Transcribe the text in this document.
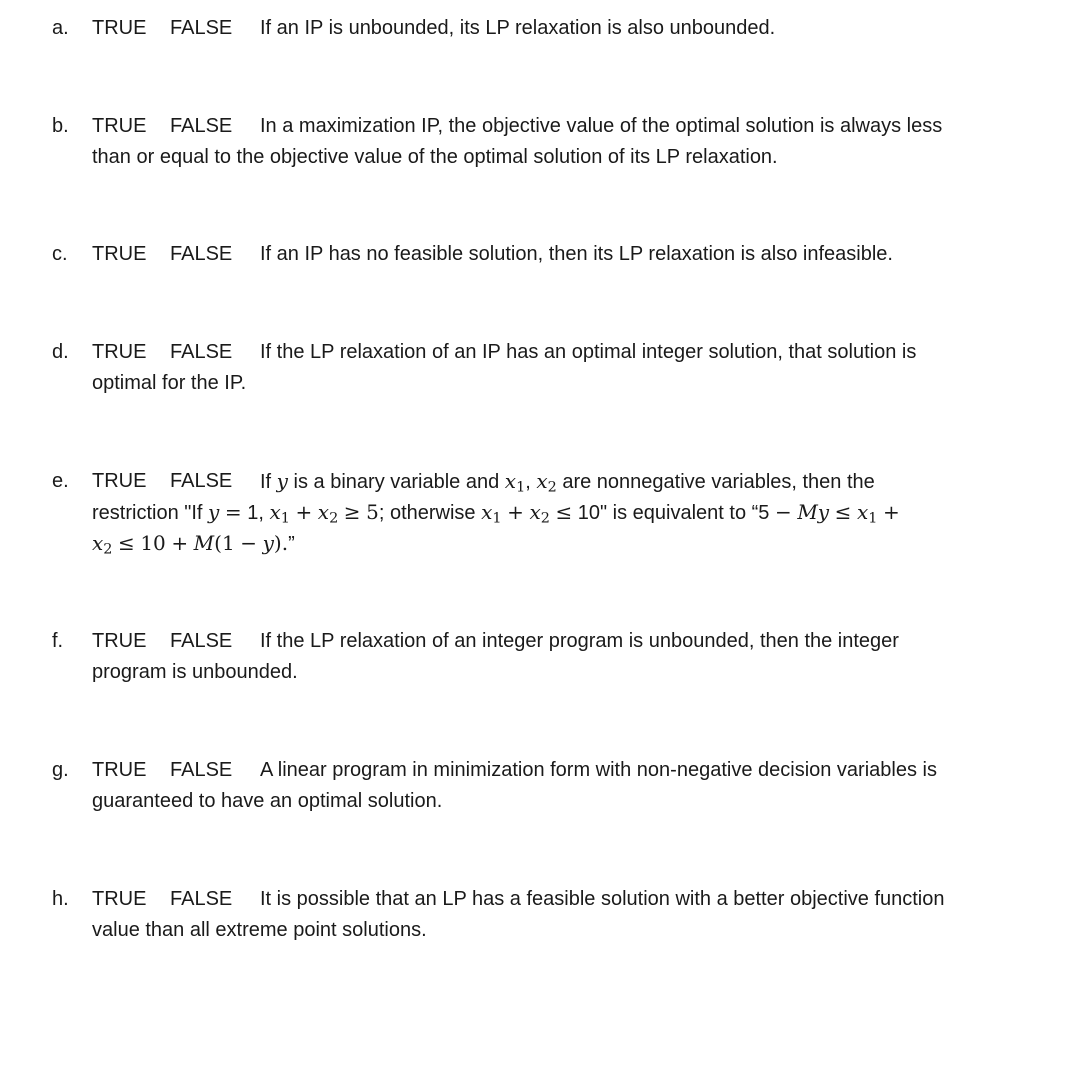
a. TRUE FALSE If an IP is unbounded, its LP relaxation is also unbounded.
b. TRUE FALSE In a maximization IP, the objective value of the optimal solution is always less
than or equal to the objective value of the optimal solution of its LP relaxation.
c. TRUE FALSE If an IP has no feasible solution, then its LP relaxation is also infeasible.
d. TRUE FALSE If the LP relaxation of an IP has an optimal integer solution, that solution is
optimal for the IP.
e. TRUE FALSE If y is a binary variable and $x_1$, $x_2$ are nonnegative variables, then the
restriction "If y = 1, $x_1 + x_2 \ge 5$; otherwise $x_1 + x_2 \le 10$" is equivalent to “$5 - My \le x_1$ +
$x_2 \le 10 + M(1 - y)$.”
f. TRUE FALSE If the LP relaxation of an integer program is unbounded, then the integer
program is unbounded.
g. TRUE FALSE A linear program in minimization form with non-negative decision variables is
guaranteed to have an optimal solution.
h. TRUE FALSE It is possible that an LP has a feasible solution with a better objective function
value than all extreme point solutions.
